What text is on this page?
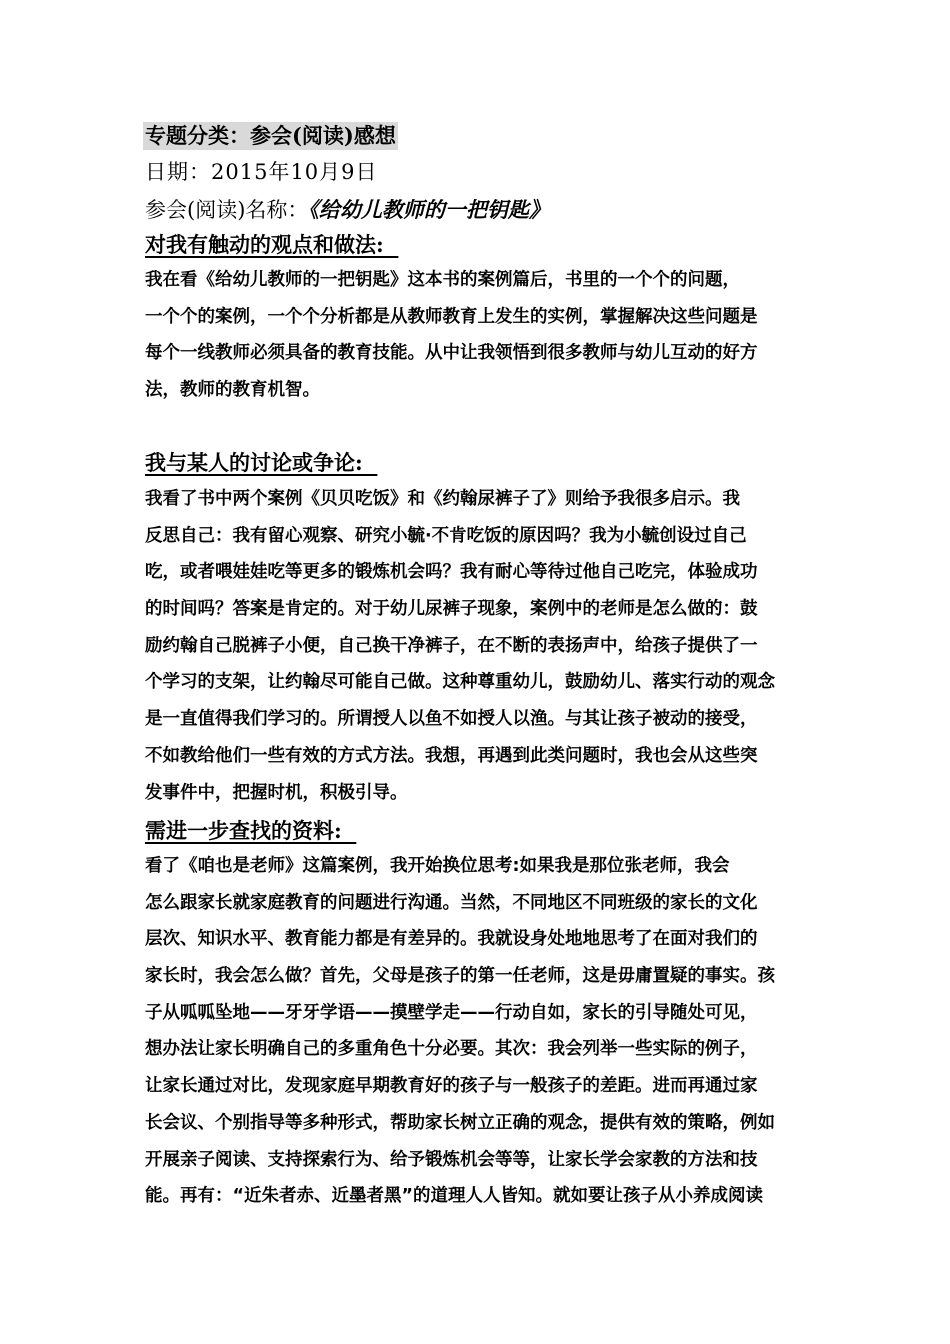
专题分类：参会(阅读)感想
日期：2015年10月9日
参会(阅读)名称：《给幼儿教师的一把钥匙》
对我有触动的观点和做法:
我在看《给幼儿教师的一把钥匙》这本书的案例篇后，书里的一个个的问题，
一个个的案例，一个个分析都是从教师教育上发生的实例，掌握解决这些问题是
每个一线教师必须具备的教育技能。从中让我领悟到很多教师与幼儿互动的好方
法，教师的教育机智。
我与某人的讨论或争论:
我看了书中两个案例《贝贝吃饭》和《约翰尿裤子了》则给予我很多启示。我
反思自己：我有留心观察、研究小毓·不肯吃饭的原因吗？我为小毓创设过自己
吃，或者喂娃娃吃等更多的锻炼机会吗？我有耐心等待过他自己吃完，体验成功
的时间吗？答案是肯定的。对于幼儿尿裤子现象，案例中的老师是怎么做的：鼓
励约翰自己脱裤子小便，自己换干净裤子，在不断的表扬声中，给孩子提供了一
个学习的支架，让约翰尽可能自己做。这种尊重幼儿，鼓励幼儿、落实行动的观念
是一直值得我们学习的。所谓授人以鱼不如授人以渔。与其让孩子被动的接受，
不如教给他们一些有效的方式方法。我想，再遇到此类问题时，我也会从这些突
发事件中，把握时机，积极引导。
需进一步查找的资料:
看了《咱也是老师》这篇案例，我开始换位思考:如果我是那位张老师，我会
怎么跟家长就家庭教育的问题进行沟通。当然，不同地区不同班级的家长的文化
层次、知识水平、教育能力都是有差异的。我就设身处地地思考了在面对我们的
家长时，我会怎么做？首先，父母是孩子的第一任老师，这是毋庸置疑的事实。孩
子从呱呱坠地——牙牙学语——摸壁学走——行动自如，家长的引导随处可见，
想办法让家长明确自己的多重角色十分必要。其次：我会列举一些实际的例子，
让家长通过对比，发现家庭早期教育好的孩子与一般孩子的差距。进而再通过家
长会议、个别指导等多种形式，帮助家长树立正确的观念，提供有效的策略，例如
开展亲子阅读、支持探索行为、给予锻炼机会等等，让家长学会家教的方法和技
能。再有：“近朱者赤、近墨者黑”的道理人人皆知。就如要让孩子从小养成阅读
